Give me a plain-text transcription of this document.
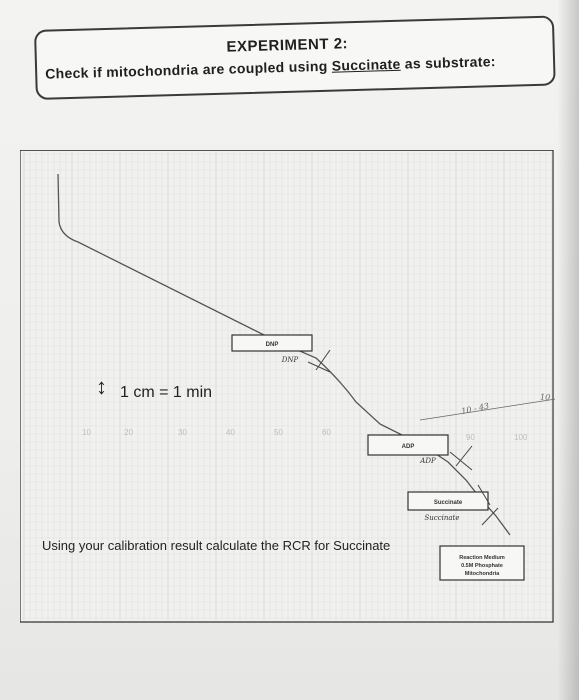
EXPERIMENT 2:
Check if mitochondria are coupled using Succinate as substrate:
10	20	30	40	50	60
90	100
DNP
DNP
ADP
ADP
Succinate
Succinate
Reaction Medium
0.5M Phosphate
Mitochondria
10 - 43
10
↕ 1 cm = 1 min
Using your calibration result calculate the RCR for Succinate
